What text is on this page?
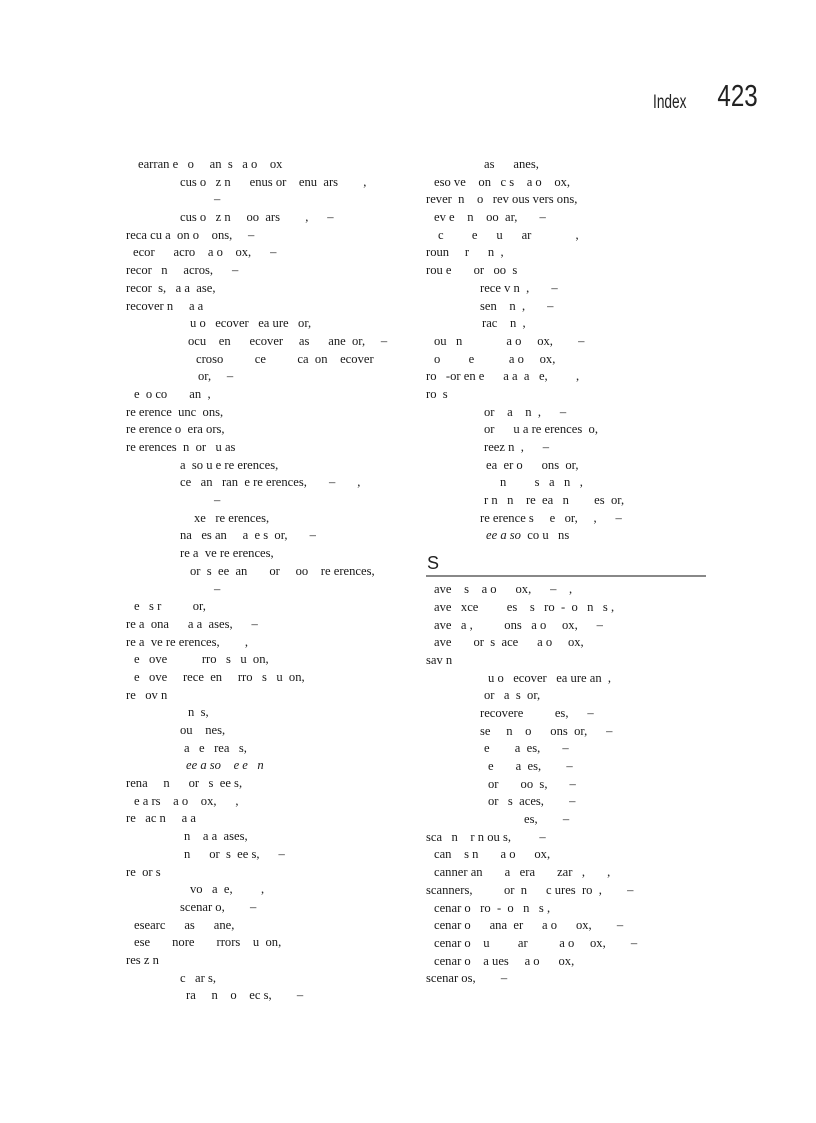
Index 423
earran e   o     an  s   a o    ox
cus o   z n      enus or    enu  ars        ,
–
cus o   z n     oo  ars        ,      –
reca cu a  on o    ons,     –
ecor      acro    a o    ox,      –
recor   n     acros,      –
recor  s,   a a  ase,
recover n     a a
u o   ecover   ea ure   or,
ocu    en      ecover     as      ane  or,     –
croso          ce          ca  on    ecover
or,     –
e  o co       an  ,
re erence  unc  ons,
re erence o  era ors,
re erences  n  or   u as
a  so u e re erences,
ce   an   ran  e re erences,       –       ,
–
xe   re erences,
na   es an     a  e s  or,       –
re a  ve re erences,
or  s  ee  an       or     oo    re erences,
–
e   s r          or,
re a  ona      a a  ases,      –
re a  ve re erences,        ,
e   ove           rro   s   u  on,
e   ove     rece  en     rro   s   u  on,
re   ov n
n  s,
ou    nes,
a   e   rea   s,
ee a so    e e   n
rena     n      or   s  ee s,
e a rs    a o    ox,      ,
re   ac n     a a
n    a a  ases,
n      or  s  ee s,      –
re  or s
vo   a  e,         ,
scenar o,        –
esearc      as      ane,
ese       nore       rrors    u  on,
res z n
c   ar s,
ra     n    o    ec s,        –
as      anes,
eso ve    on   c s    a o    ox,
rever  n    o   rev ous vers ons,
ev e    n    oo  ar,       –
c         e      u      ar              ,
roun     r      n  ,
rou e       or   oo  s
rece v n  ,       –
sen    n  ,       –
rac    n  ,
ou   n              a o     ox,        –
o         e           a o     ox,
ro   -or en e      a a  a   e,         ,
ro  s
or    a    n  ,      –
or      u a re erences  o,
reez n  ,      –
ea  er o      ons  or,
n         s   a   n   ,
r n   n    re  ea   n        es  or,
re erence s     e   or,     ,      –
ee a so  co u   ns
S
ave    s    a o      ox,      –    ,
ave   xce         es    s   ro  -  o   n   s ,
ave   a ,          ons   a o     ox,      –
ave       or  s  ace      a o     ox,
sav n
u o   ecover   ea ure an  ,
or   a  s  or,
recovere          es,      –
se     n    o      ons  or,      –
e        a  es,       –
e       a  es,        –
or       oo  s,       –
or   s  aces,        –
es,        –
sca   n    r n ou s,         –
can    s n       a o      ox,
canner an       a   era       zar   ,       ,
scanners,          or  n      c ures  ro  ,        –
cenar o   ro  -  o   n   s ,
cenar o      ana  er      a o      ox,        –
cenar o    u         ar          a o     ox,        –
cenar o    a ues     a o      ox,
scenar os,        –
